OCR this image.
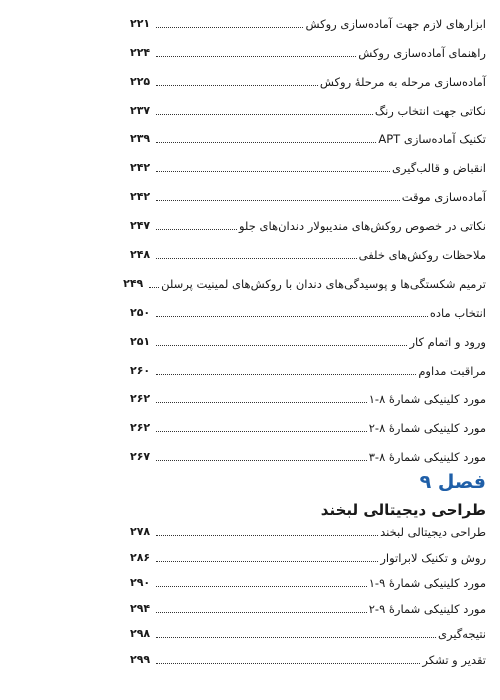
ابزارهای لازم جهت آماده‌سازی روکش
۲۲۱
راهنمای آماده‌سازی روکش
۲۲۴
آماده‌سازی مرحله به مرحلهٔ روکش
۲۲۵
نکاتی جهت انتخاب رنگ
۲۳۷
تکنیک آماده‌سازی APT
۲۳۹
انقباض و قالب‌گیری
۲۴۲
آماده‌سازی موقت
۲۴۲
نکاتی در خصوص روکش‌های مندیبولار دندان‌های جلو
۲۴۷
ملاحظات روکش‌های خلفی
۲۴۸
ترمیم شکستگی‌ها و پوسیدگی‌های دندان با روکش‌های لمینیت پرسلن
۲۴۹
انتخاب ماده
۲۵۰
ورود و اتمام کار
۲۵۱
مراقبت مداوم
۲۶۰
مورد کلینیکی شمارهٔ ۸-۱
۲۶۲
مورد کلینیکی شمارهٔ ۸-۲
۲۶۲
مورد کلینیکی شمارهٔ ۸-۳
۲۶۷
فصل ۹
طراحی دیجیتالی لبخند
طراحی دیجیتالی لبخند
۲۷۸
روش و تکنیک لابراتوار
۲۸۶
مورد کلینیکی شمارهٔ ۹-۱
۲۹۰
مورد کلینیکی شمارهٔ ۹-۲
۲۹۴
نتیجه‌گیری
۲۹۸
تقدیر و تشکر
۲۹۹
